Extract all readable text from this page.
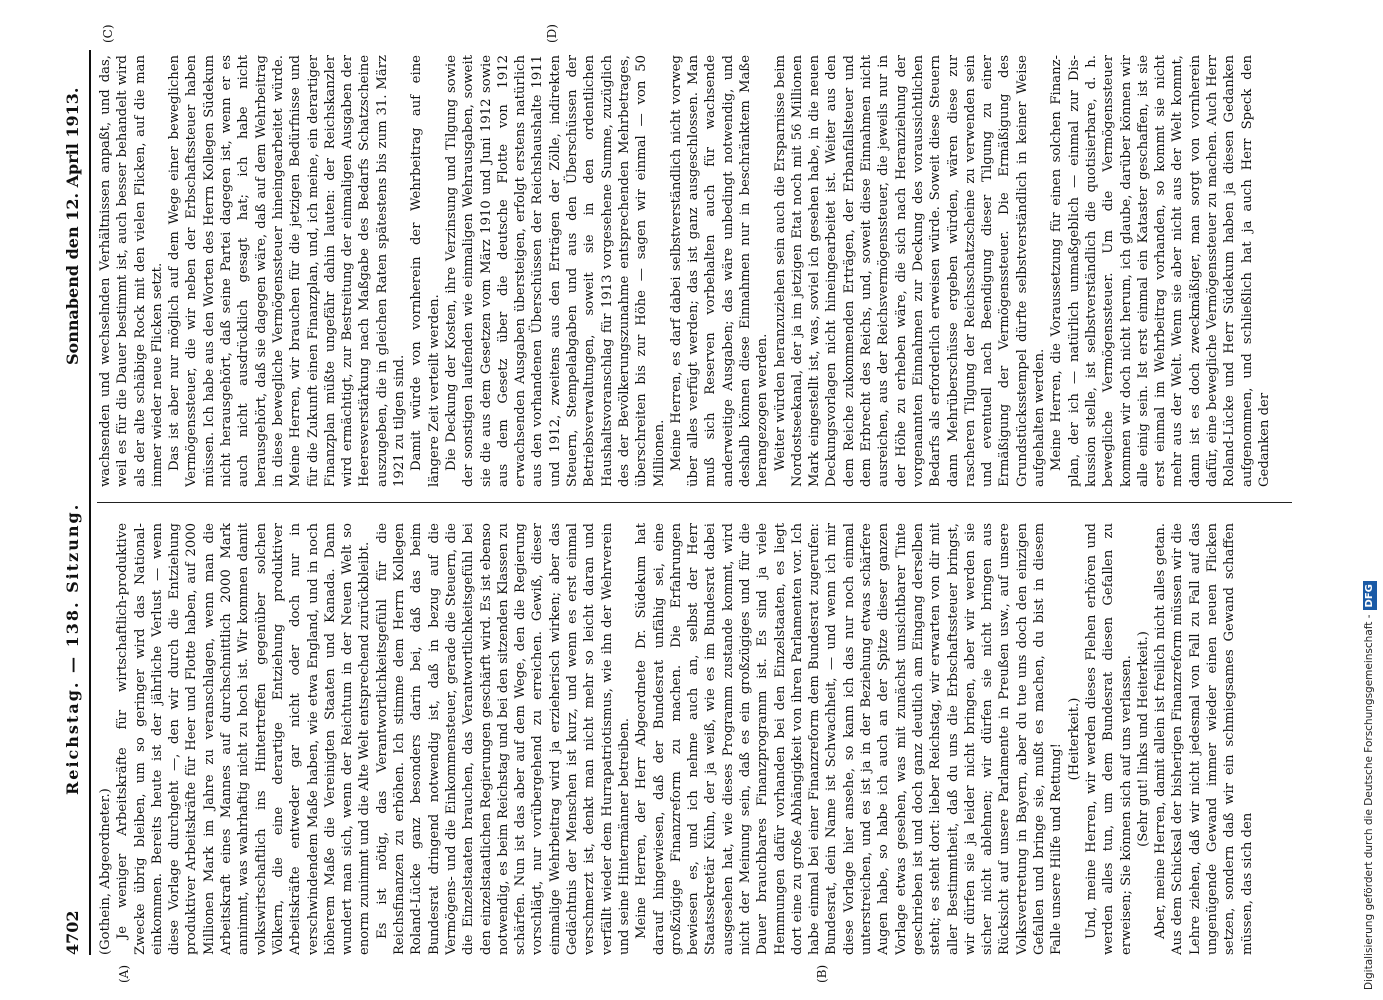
4702
Reichstag. — 138. Sitzung.
Sonnabend den 12. April 1913.
(A)	(B)
(C)	(D)

(Gothein, Abgeordneter.) Je weniger Arbeitskräfte für wirtschaftlich-produktive Zwecke übrig bleiben, um so geringer wird das Nationaleinkommen. Bereits heute ist der jährliche Verlust — wenn diese Vorlage durchgeht —, den wir durch die Entziehung produktiver Arbeitskräfte für Heer und Flotte haben, auf 2000 Millionen Mark im Jahre zu veranschlagen, wenn man die Arbeitskraft eines Mannes auf durchschnittlich 2000 Mark annimmt, was wahrhaftig nicht zu hoch ist. Wir kommen damit volkswirtschaftlich ins Hintertreffen gegenüber solchen Völkern, die eine derartige Entziehung produktiver Arbeitskräfte entweder gar nicht oder doch nur in verschwindendem Maße haben, wie etwa England, und in noch höherem Maße die Vereinigten Staaten und Kanada. Dann wundert man sich, wenn der Reichtum in der Neuen Welt so enorm zunimmt und die Alte Welt entsprechend zurückbleibt. Es ist nötig, das Verantwortlichkeitsgefühl für die Reichsfinanzen zu erhöhen. Ich stimme dem Herrn Kollegen Roland-Lücke ganz besonders darin bei, daß das beim Bundesrat dringend notwendig ist, daß in bezug auf die Vermögens- und die Einkommensteuer, gerade die Steuern, die die Einzelstaaten brauchen, das Verantwortlichkeitsgefühl bei den einzelstaatlichen Regierungen geschärft wird. Es ist ebenso notwendig, es beim Reichstag und bei den sitzenden Klassen zu schärfen. Nun ist das aber auf dem Wege, den die Regierung vorschlägt, nur vorübergehend zu erreichen. Gewiß, dieser einmalige Wehrbeitrag wird ja erzieherisch wirken; aber das Gedächtnis der Menschen ist kurz, und wenn es erst einmal verschmerzt ist, denkt man nicht mehr so leicht daran und verfällt wieder dem Hurrapatriotismus, wie ihn der Wehrverein und seine Hintermänner betreiben. Meine Herren, der Herr Abgeordnete Dr. Südekum hat darauf hingewiesen, daß der Bundesrat unfähig sei, eine großzügige Finanzreform zu machen. Die Erfahrungen bewiesen es, und ich nehme auch an, selbst der Herr Staatssekretär Kühn, der ja weiß, wie es im Bundesrat dabei ausgesehen hat, wie dieses Programm zustande kommt, wird nicht der Meinung sein, daß es ein großzügiges und für die Dauer brauchbares Finanzprogramm ist. Es sind ja viele Hemmungen dafür vorhanden bei den Einzelstaaten, es liegt dort eine zu große Abhängigkeit von ihren Parlamenten vor. Ich habe einmal bei einer Finanzreform dem Bundesrat zugerufen: Bundesrat, dein Name ist Schwachheit, — und wenn ich mir diese Vorlage hier ansehe, so kann ich das nur noch einmal unterstreichen, und es ist ja in der Beziehung etwas schärfere Augen habe, so habe ich auch an der Spitze dieser ganzen Vorlage etwas gesehen, was mit zunächst unsichtbarer Tinte geschrieben ist und doch ganz deutlich am Eingang derselben steht; es steht dort: lieber Reichstag, wir erwarten von dir mit aller Bestimmtheit, daß du uns die Erbschaftssteuer bringst, wir dürfen sie ja leider nicht bringen, aber wir werden sie sicher nicht ablehnen; wir dürfen sie nicht bringen aus Rücksicht auf unsere Parlamente in Preußen usw., auf unsere Volksvertretung in Bayern, aber du tue uns doch den einzigen Gefallen und bringe sie, mußt es machen, du bist in diesem Falle unsere Hilfe und Rettung!

(Heiterkeit.) Und, meine Herren, wir werden dieses Flehen erhören und werden alles tun, um dem Bundesrat diesen Gefallen zu erweisen; Sie können sich auf uns verlassen. (Sehr gut! links und Heiterkeit.) Aber, meine Herren, damit allein ist freilich nicht alles getan. Aus dem Schicksal der bisherigen Finanzreform müssen wir die Lehre ziehen, daß wir nicht jedesmal von Fall zu Fall auf das ungenügende Gewand immer wieder einen neuen Flicken setzen, sondern daß wir ein schmiegsames Gewand schaffen müssen, das sich den

wachsenden und wechselnden Verhältnissen anpaßt, und das, weil es für die Dauer bestimmt ist, auch besser behandelt wird als der alte schäbige Rock mit den vielen Flicken, auf die man immer wieder neue Flicken setzt. Das ist aber nur möglich auf dem Wege einer beweglichen Vermögenssteuer, die wir neben der Erbschaftssteuer haben müssen. Ich habe aus den Worten des Herrn Kollegen Südekum nicht herausgehört, daß seine Partei dagegen ist, wenn er es auch nicht ausdrücklich gesagt hat; ich habe nicht herausgehört, daß sie dagegen wäre, daß auf dem Wehrbeitrag in diese bewegliche Vermögenssteuer hineingearbeitet würde. Meine Herren, wir brauchen für die jetzigen Bedürfnisse und für die Zukunft einen Finanzplan, und, ich meine, ein derartiger Finanzplan müßte ungefähr dahin lauten: der Reichskanzler wird ermächtigt, zur Bestreitung der einmaligen Ausgaben der Heeresverstärkung nach Maßgabe des Bedarfs Schatzscheine auszugeben, die in gleichen Raten spätestens bis zum 31. März 1921 zu tilgen sind. Damit würde von vornherein der Wehrbeitrag auf eine längere Zeit verteilt werden. Die Deckung der Kosten, ihre Verzinsung und Tilgung sowie der sonstigen laufenden wie einmaligen Wehrausgaben, soweit sie die aus dem Gesetzen vom März 1910 und Juni 1912 sowie aus dem Gesetz über die deutsche Flotte von 1912 erwachsenden Ausgaben übersteigen, erfolgt erstens natürlich aus den vorhandenen Überschüssen der Reichshaushalte 1911 und 1912, zweitens aus den Erträgen der Zölle, indirekten Steuern, Stempelabgaben und aus den Überschüssen der Betriebsverwaltungen, soweit sie in den ordentlichen Haushaltsvoranschlag für 1913 vorgesehene Summe, zuzüglich des der Bevölkerungszunahme entsprechenden Mehrbetrages, überschreiten bis zur Höhe — sagen wir einmal — von 50 Millionen. Meine Herren, es darf dabei selbstverständlich nicht vorweg über alles verfügt werden; das ist ganz ausgeschlossen. Man muß sich Reserven vorbehalten auch für wachsende anderweitige Ausgaben; das wäre unbedingt notwendig, und deshalb können diese Einnahmen nur in beschränktem Maße herangezogen werden. Weiter würden heranzuziehen sein auch die Ersparnisse beim Nordostseekanal, der ja im jetzigen Etat noch mit 56 Millionen Mark eingestellt ist, was, soviel ich gesehen habe, in die neuen Deckungsvorlagen nicht hineingearbeitet ist. Weiter aus den dem Reiche zukommenden Erträgen, der Erbanfallsteuer und dem Erbrecht des Reichs, und, soweit diese Einnahmen nicht ausreichen, aus der Reichsvermögenssteuer, die jeweils nur in der Höhe zu erheben wäre, die sich nach Heranziehung der vorgenannten Einnahmen zur Deckung des voraussichtlichen Bedarfs als erforderlich erweisen würde. Soweit diese Steuern dann Mehrüberschüsse ergeben würden, wären diese zur rascheren Tilgung der Reichsschatzscheine zu verwenden sein und eventuell nach Beendigung dieser Tilgung zu einer Ermäßigung der Vermögenssteuer. Die Ermäßigung des Grundstücksstempel dürfte selbstverständlich in keiner Weise aufgehalten werden. Meine Herren, die Voraussetzung für einen solchen Finanzplan, der ich — natürlich unmaßgeblich — einmal zur Diskussion stelle, ist selbstverständlich die quotisierbare, d. h. bewegliche Vermögenssteuer. Um die Vermögenssteuer kommen wir doch nicht herum, ich glaube, darüber können wir alle einig sein. Ist erst einmal ein Kataster geschaffen, ist sie erst einmal im Wehrbeitrag vorhanden, so kommt sie nicht mehr aus der Welt. Wenn sie aber nicht aus der Welt kommt, dann ist es doch zweckmäßiger, man sorgt von vornherein dafür, eine bewegliche Vermögenssteuer zu machen. Auch Herr Roland-Lücke und Herr Südekum haben ja diesen Gedanken aufgenommen, und schließlich hat ja auch Herr Speck den Gedanken der

Digitalisierung gefördert durch die Deutsche Forschungsgemeinschaft -DFG
